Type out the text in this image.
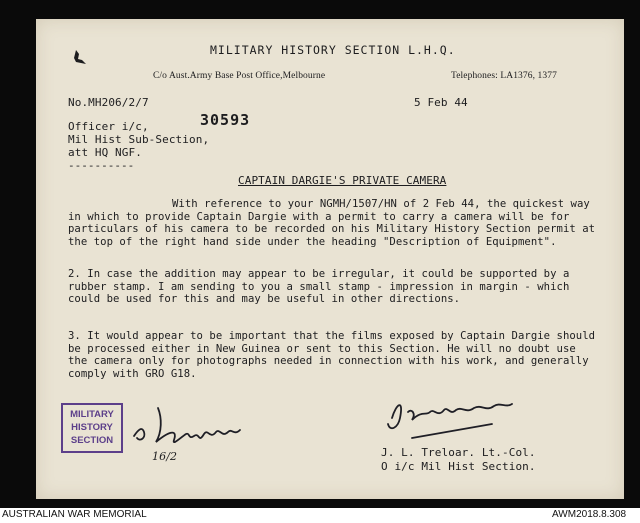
MILITARY HISTORY SECTION L.H.Q.
C/o Aust.Army Base Post Office,Melbourne	Telephones: LA1376, 1377
No.MH206/2/7	5 Feb 44
Officer i/c,	30593
Mil Hist Sub-Section,
att HQ NGF.
----------
CAPTAIN DARGIE'S PRIVATE CAMERA

With reference to your NGMH/1507/HN of 2 Feb 44, the quickest way in which to provide Captain Dargie with a permit to carry a camera will be for particulars of his camera to be recorded on his Military History Section permit at the top of the right hand side under the heading "Description of Equipment".

2. In case the addition may appear to be irregular, it could be supported by a rubber stamp. I am sending to you a small stamp - impression in margin - which could be used for this and may be useful in other directions.

3. It would appear to be important that the films exposed by Captain Dargie should be processed either in New Guinea or sent to this Section. He will no doubt use the camera only for photographs needed in connection with his work, and generally comply with GRO G18.

MILITARY
HISTORY
SECTION
16/2	J. L. Treloar. Lt.-Col.
O i/c Mil Hist Section.
AUSTRALIAN WAR MEMORIAL	AWM2018.8.308
